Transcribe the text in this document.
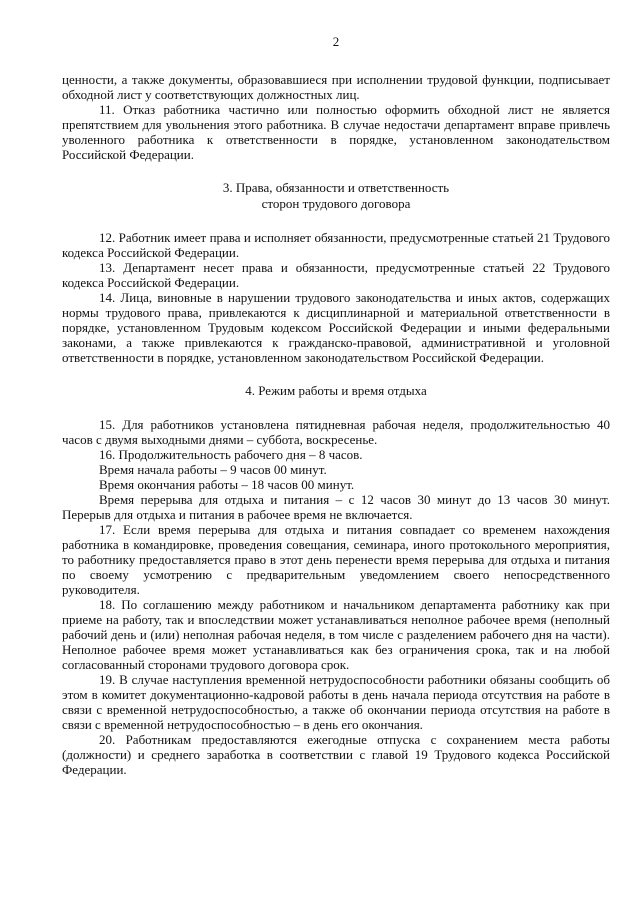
2

ценности, а также документы, образовавшиеся при исполнении трудовой функции, подписывает обходной лист у соответствующих должностных лиц.

11. Отказ работника частично или полностью оформить обходной лист не является препятствием для увольнения этого работника. В случае недостачи департамент вправе привлечь уволенного работника к ответственности в порядке, установленном законодательством Российской Федерации.

3. Права, обязанности и ответственность
сторон трудового договора

12. Работник имеет права и исполняет обязанности, предусмотренные статьей 21 Трудового кодекса Российской Федерации.

13. Департамент несет права и обязанности, предусмотренные статьей 22 Трудового кодекса Российской Федерации.

14. Лица, виновные в нарушении трудового законодательства и иных актов, содержащих нормы трудового права, привлекаются к дисциплинарной и материальной ответственности в порядке, установленном Трудовым кодексом Российской Федерации и иными федеральными законами, а также привлекаются к гражданско-правовой, административной и уголовной ответственности в порядке, установленном законодательством Российской Федерации.

4. Режим работы и время отдыха

15. Для работников установлена пятидневная рабочая неделя, продолжительностью 40 часов с двумя выходными днями – суббота, воскресенье.

16. Продолжительность рабочего дня – 8 часов.

Время начала работы – 9 часов 00 минут.

Время окончания работы – 18 часов 00 минут.

Время перерыва для отдыха и питания – с 12 часов 30 минут до 13 часов 30 минут. Перерыв для отдыха и питания в рабочее время не включается.

17. Если время перерыва для отдыха и питания совпадает со временем нахождения работника в командировке, проведения совещания, семинара, иного протокольного мероприятия, то работнику предоставляется право в этот день перенести время перерыва для отдыха и питания по своему усмотрению с предварительным уведомлением своего непосредственного руководителя.

18. По соглашению между работником и начальником департамента работнику как при приеме на работу, так и впоследствии может устанавливаться неполное рабочее время (неполный рабочий день и (или) неполная рабочая неделя, в том числе с разделением рабочего дня на части). Неполное рабочее время может устанавливаться как без ограничения срока, так и на любой согласованный сторонами трудового договора срок.

19. В случае наступления временной нетрудоспособности работники обязаны сообщить об этом в комитет документационно-кадровой работы в день начала периода отсутствия на работе в связи с временной нетрудоспособностью, а также об окончании периода отсутствия на работе в связи с временной нетрудоспособностью – в день его окончания.

20. Работникам предоставляются ежегодные отпуска с сохранением места работы (должности) и среднего заработка в соответствии с главой 19 Трудового кодекса Российской Федерации.
